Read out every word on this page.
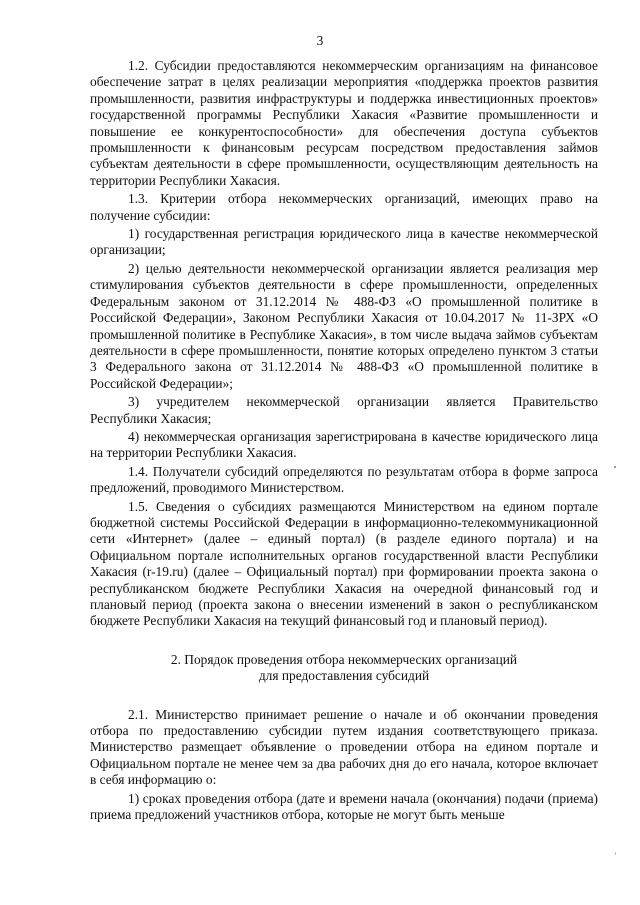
3

1.2. Субсидии предоставляются некоммерческим организациям на финансовое обеспечение затрат в целях реализации мероприятия «поддержка проектов развития промышленности, развития инфраструктуры и поддержка инвестиционных проектов» государственной программы Республики Хакасия «Развитие промышленности и повышение ее конкурентоспособности» для обеспечения доступа субъектов промышленности к финансовым ресурсам посредством предоставления займов субъектам деятельности в сфере промышленности, осуществляющим деятельность на территории Республики Хакасия.

1.3. Критерии отбора некоммерческих организаций, имеющих право на получение субсидии:

1) государственная регистрация юридического лица в качестве некоммерческой организации;

2) целью деятельности некоммерческой организации является реализация мер стимулирования субъектов деятельности в сфере промышленности, определенных Федеральным законом от 31.12.2014 № 488-ФЗ «О промышленной политике в Российской Федерации», Законом Республики Хакасия от 10.04.2017 № 11-ЗРХ «О промышленной политике в Республике Хакасия», в том числе выдача займов субъектам деятельности в сфере промышленности, понятие которых определено пунктом 3 статьи 3 Федерального закона от 31.12.2014 № 488-ФЗ «О промышленной политике в Российской Федерации»;

3) учредителем некоммерческой организации является Правительство Республики Хакасия;

4) некоммерческая организация зарегистрирована в качестве юридического лица на территории Республики Хакасия.

1.4. Получатели субсидий определяются по результатам отбора в форме запроса предложений, проводимого Министерством.

1.5. Сведения о субсидиях размещаются Министерством на едином портале бюджетной системы Российской Федерации в информационно-телекоммуникационной сети «Интернет» (далее – единый портал) (в разделе единого портала) и на Официальном портале исполнительных органов государственной власти Республики Хакасия (r-19.ru) (далее – Официальный портал) при формировании проекта закона о республиканском бюджете Республики Хакасия на очередной финансовый год и плановый период (проекта закона о внесении изменений в закон о республиканском бюджете Республики Хакасия на текущий финансовый год и плановый период).

2. Порядок проведения отбора некоммерческих организаций
для предоставления субсидий

2.1. Министерство принимает решение о начале и об окончании проведения отбора по предоставлению субсидии путем издания соответствующего приказа. Министерство размещает объявление о проведении отбора на едином портале и Официальном портале не менее чем за два рабочих дня до его начала, которое включает в себя информацию о:

1) сроках проведения отбора (дате и времени начала (окончания) подачи (приема) приема предложений участников отбора, которые не могут быть меньше
